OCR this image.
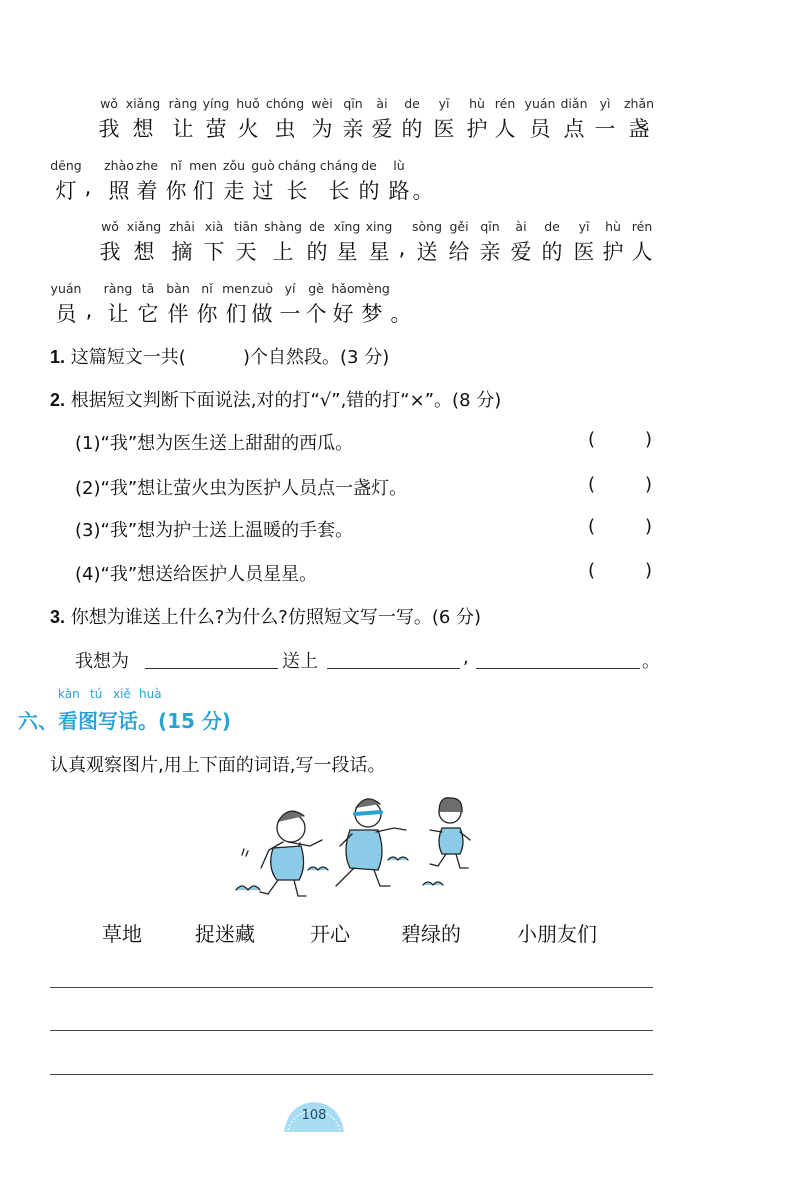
wǒ xiǎng ràng yíng huǒ chóng wèi qīn ài de yī hù rén yuán diǎn yì zhǎn
我 想 让 萤 火 虫 为 亲 爱 的 医 护 人 员 点 一 盏
dēng zhào zhe nǐ men zǒu guò cháng cháng de lù
灯 , 照 着 你 们 走 过 长 长 的 路 。
wǒ xiǎng zhāi xià tiān shàng de xīng xing sòng gěi qīn ài de yī hù rén
我 想 摘 下 天 上 的 星 星 , 送 给 亲 爱 的 医 护 人
yuán ràng tā bàn nǐ men zuò yí gè hǎo mèng
员 , 让 它 伴 你 们 做 一 个 好 梦 。
1. 这篇短文一共(          )个自然段。(3 分)
2. 根据短文判断下面说法,对的打“√”,错的打“×”。(8 分)
(1)“我”想为医生送上甜甜的西瓜。	(	)
(2)“我”想让萤火虫为医护人员点一盏灯。	(	)
(3)“我”想为护士送上温暖的手套。	(	)
(4)“我”想送给医护人员星星。	(	)
3. 你想为谁送上什么?为什么?仿照短文写一写。(6 分)
我想为	送上	,	。
kàn tú xiě huà
六、看图写话。(15 分)
认真观察图片,用上下面的词语,写一段话。
草地	捉迷藏	开心	碧绿的	小朋友们
108
